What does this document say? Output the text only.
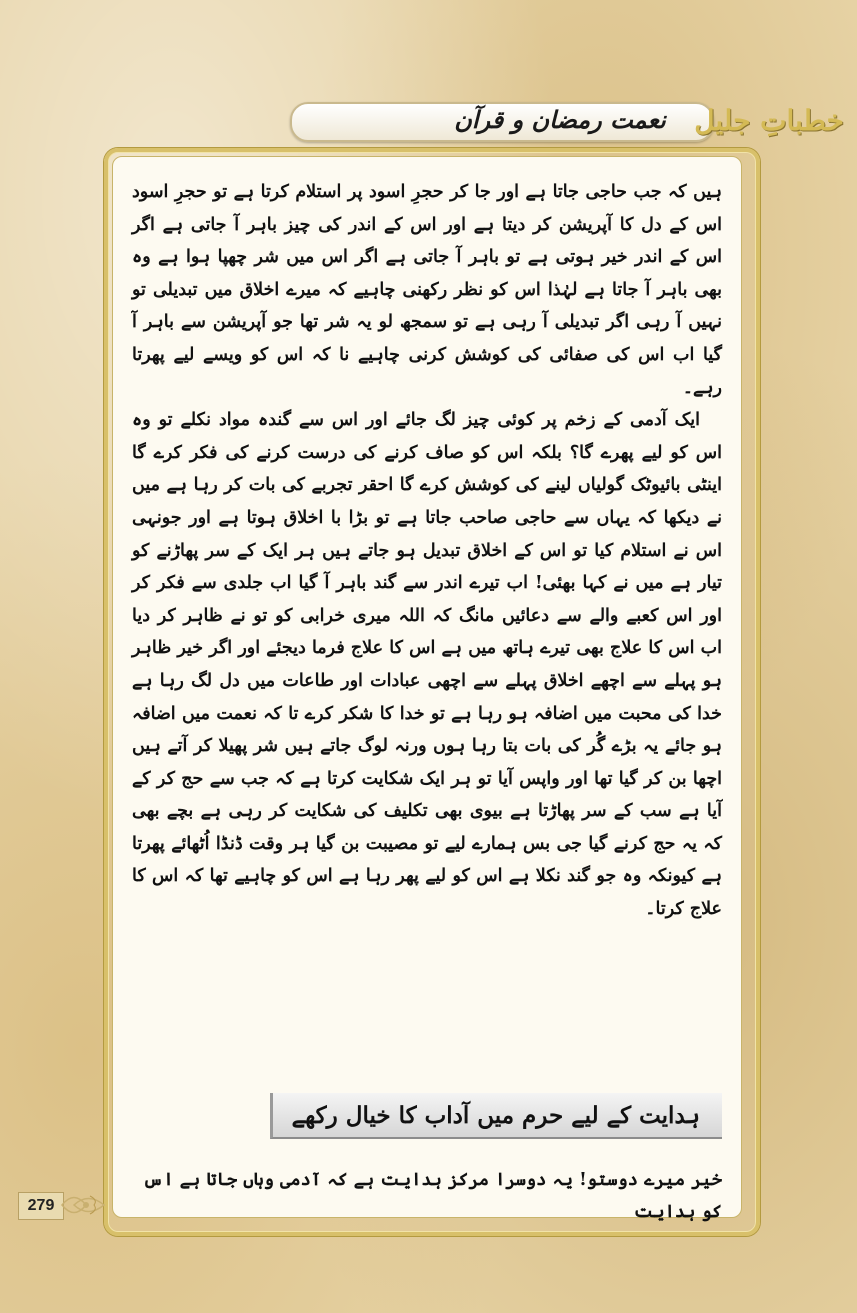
نعمت رمضان و قرآن	خطباتِ جلیل

ہیں کہ جب حاجی جاتا ہے اور جا کر حجرِ اسود پر استلام کرتا ہے تو حجرِ اسود اس کے دل کا آپریشن کر دیتا ہے اور اس کے اندر کی چیز باہر آ جاتی ہے اگر اس کے اندر خیر ہوتی ہے تو باہر آ جاتی ہے اگر اس میں شر چھپا ہوا ہے وہ بھی باہر آ جاتا ہے لہٰذا اس کو نظر رکھنی چاہیے کہ میرے اخلاق میں تبدیلی تو نہیں آ رہی اگر تبدیلی آ رہی ہے تو سمجھ لو یہ شر تھا جو آپریشن سے باہر آ گیا اب اس کی صفائی کی کوشش کرنی چاہیے نا کہ اس کو ویسے لیے پھرتا رہے۔

ایک آدمی کے زخم پر کوئی چیز لگ جائے اور اس سے گندہ مواد نکلے تو وہ اس کو لیے پھرے گا؟ بلکہ اس کو صاف کرنے کی درست کرنے کی فکر کرے گا اینٹی بائیوٹک گولیاں لینے کی کوشش کرے گا احقر تجربے کی بات کر رہا ہے میں نے دیکھا کہ یہاں سے حاجی صاحب جاتا ہے تو بڑا با اخلاق ہوتا ہے اور جونہی اس نے استلام کیا تو اس کے اخلاق تبدیل ہو جاتے ہیں ہر ایک کے سر پھاڑنے کو تیار ہے میں نے کہا بھئی! اب تیرے اندر سے گند باہر آ گیا اب جلدی سے فکر کر اور اس کعبے والے سے دعائیں مانگ کہ اللہ میری خرابی کو تو نے ظاہر کر دیا اب اس کا علاج بھی تیرے ہاتھ میں ہے اس کا علاج فرما دیجئے اور اگر خیر ظاہر ہو پہلے سے اچھے اخلاق پہلے سے اچھی عبادات اور طاعات میں دل لگ رہا ہے خدا کی محبت میں اضافہ ہو رہا ہے تو خدا کا شکر کرے تا کہ نعمت میں اضافہ ہو جائے یہ بڑے گُر کی بات بتا رہا ہوں ورنہ لوگ جاتے ہیں شر پھیلا کر آتے ہیں اچھا بن کر گیا تھا اور واپس آیا تو ہر ایک شکایت کرتا ہے کہ جب سے حج کر کے آیا ہے سب کے سر پھاڑتا ہے بیوی بھی تکلیف کی شکایت کر رہی ہے بچے بھی کہ یہ حج کرنے گیا جی بس ہمارے لیے تو مصیبت بن گیا ہر وقت ڈنڈا اُٹھائے پھرتا ہے کیونکہ وہ جو گند نکلا ہے اس کو لیے پھر رہا ہے اس کو چاہیے تھا کہ اس کا علاج کرتا۔

ہدایت کے لیے حرم میں آداب کا خیال رکھے
خیر میرے دوستو! یہ دوسرا مرکز ہدایت ہے کہ آدمی وہاں جاتا ہے اس کو ہدایت
279
